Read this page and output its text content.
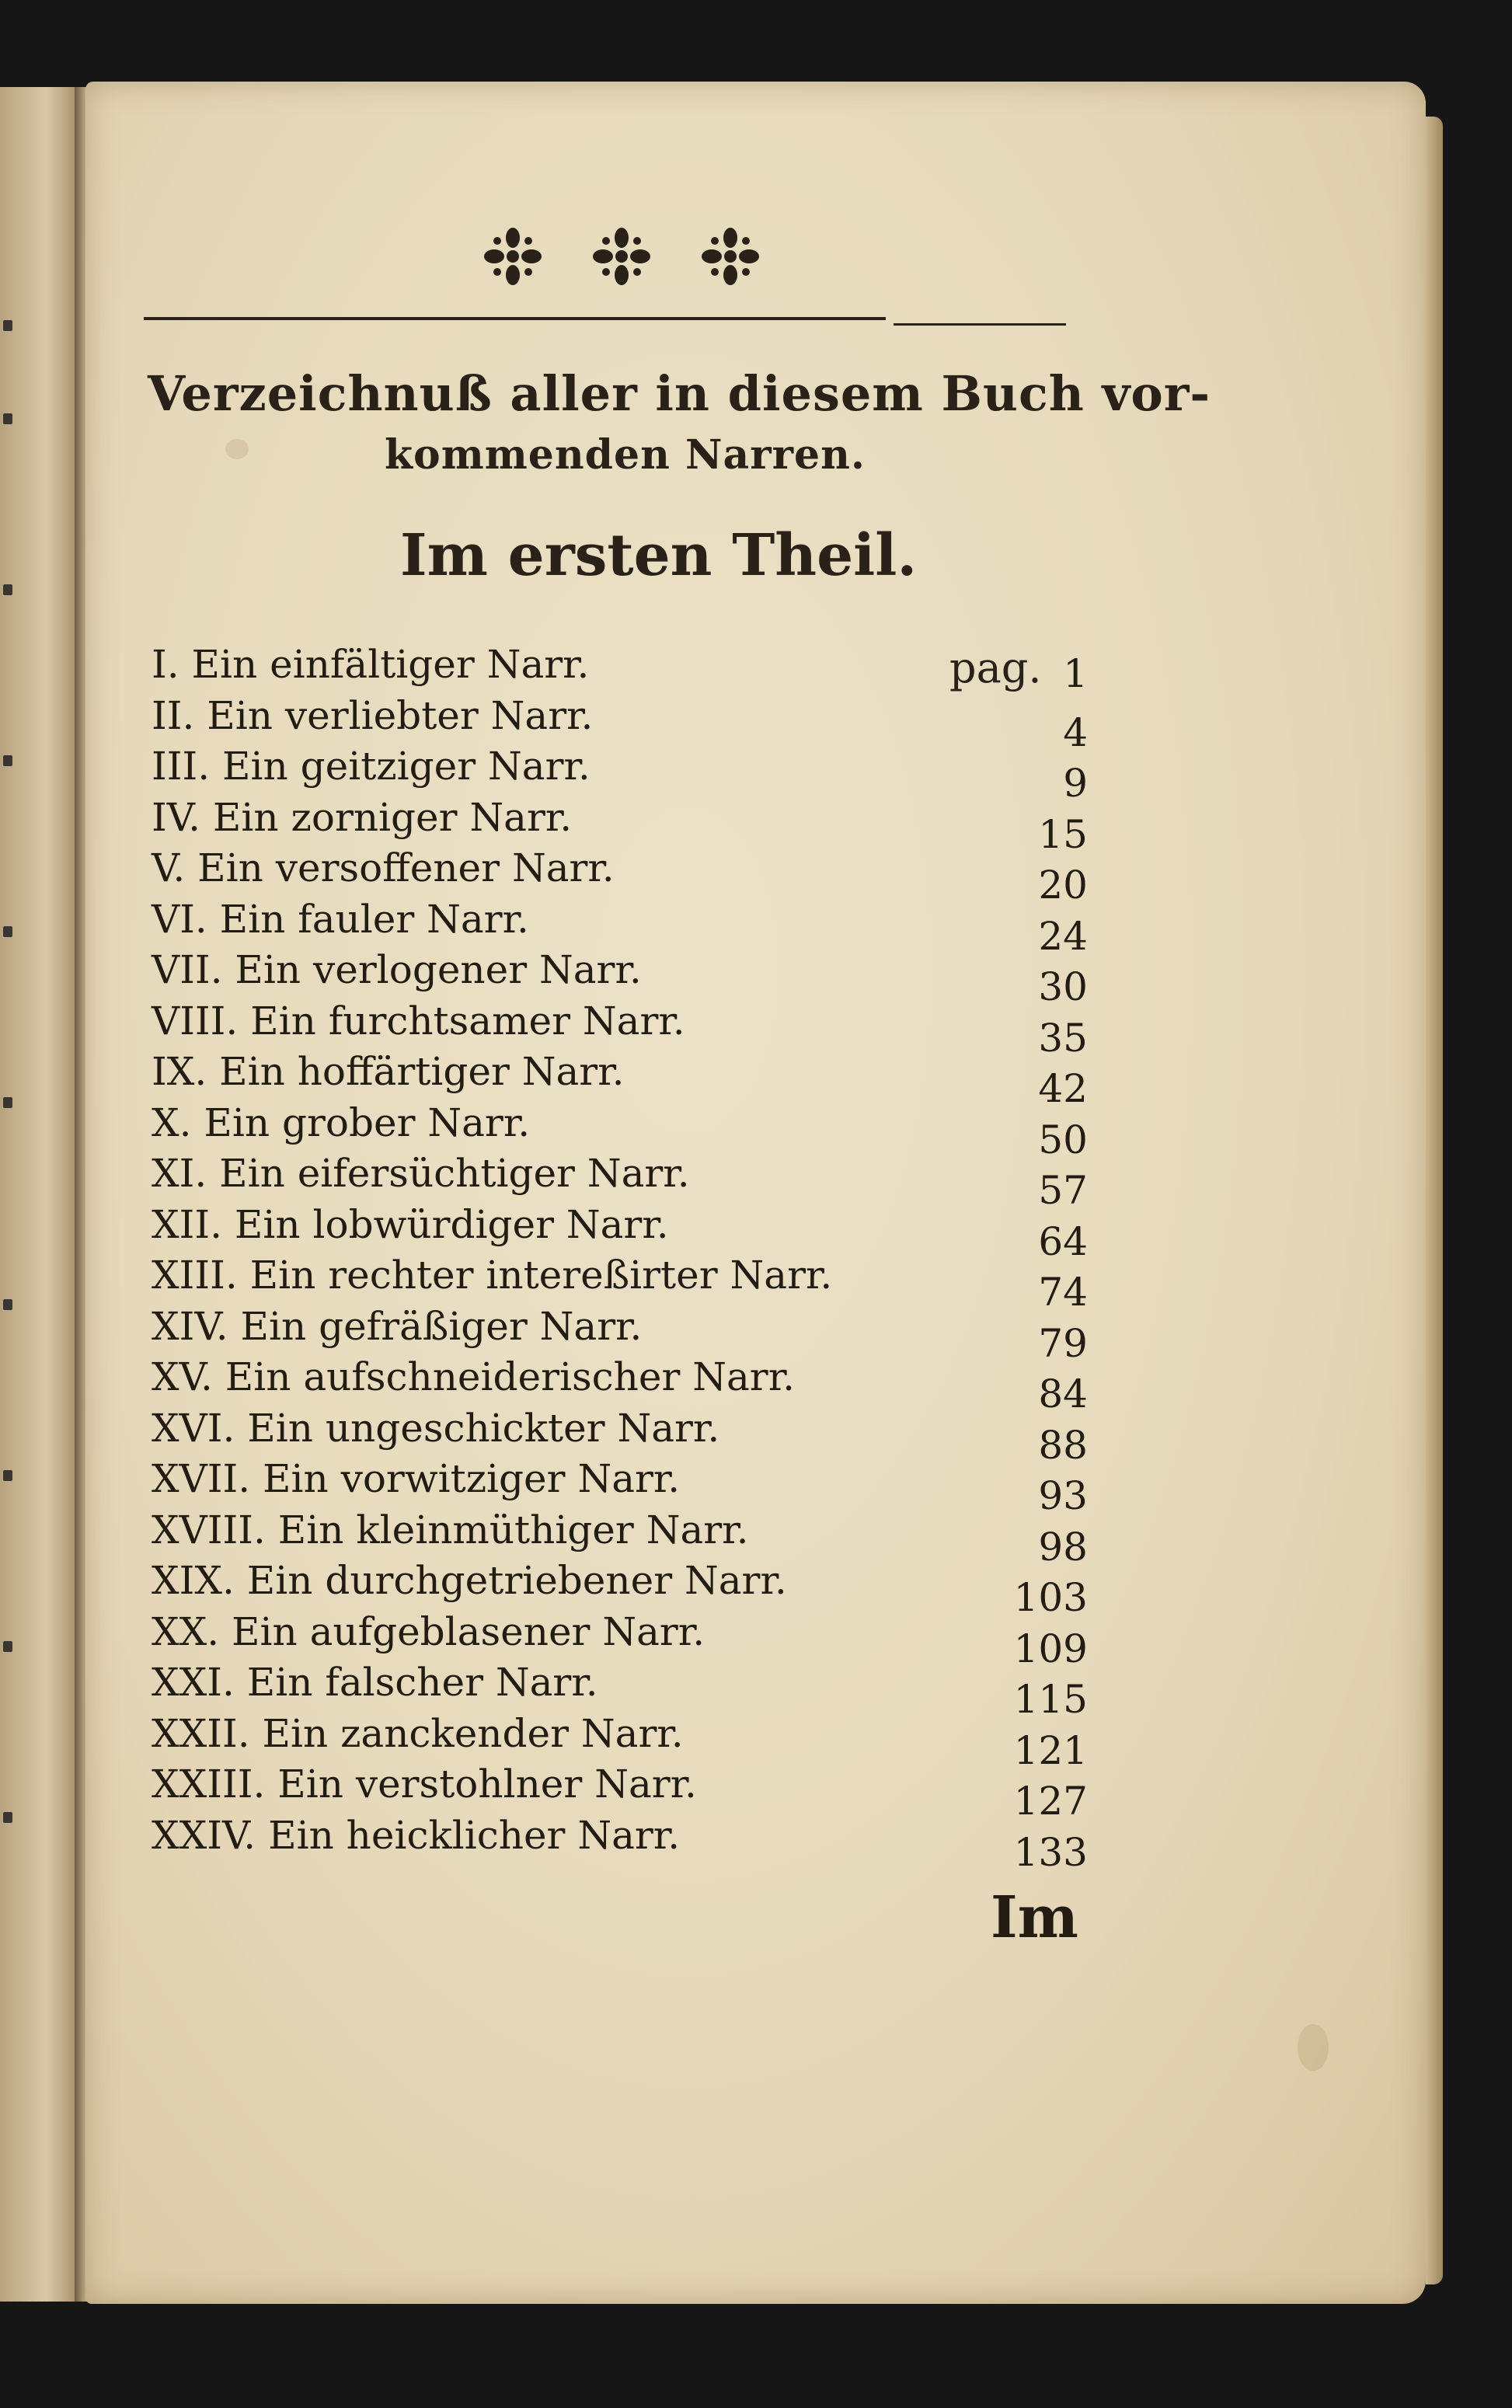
Verzeichnuß aller in diesem Buch vor-
kommenden Narren.
Im ersten Theil.
pag.
I. Ein einfältiger Narr.	1
II. Ein verliebter Narr.	4
III. Ein geitziger Narr.	9
IV. Ein zorniger Narr.	15
V. Ein versoffener Narr.	20
VI. Ein fauler Narr.	24
VII. Ein verlogener Narr.	30
VIII. Ein furchtsamer Narr.	35
IX. Ein hoffärtiger Narr.	42
X. Ein grober Narr.	50
XI. Ein eifersüchtiger Narr.	57
XII. Ein lobwürdiger Narr.	64
XIII. Ein rechter intereßirter Narr.	74
XIV. Ein gefräßiger Narr.	79
XV. Ein aufschneiderischer Narr.	84
XVI. Ein ungeschickter Narr.	88
XVII. Ein vorwitziger Narr.	93
XVIII. Ein kleinmüthiger Narr.	98
XIX. Ein durchgetriebener Narr.	103
XX. Ein aufgeblasener Narr.	109
XXI. Ein falscher Narr.	115
XXII. Ein zanckender Narr.	121
XXIII. Ein verstohlner Narr.	127
XXIV. Ein heicklicher Narr.	133
Im
